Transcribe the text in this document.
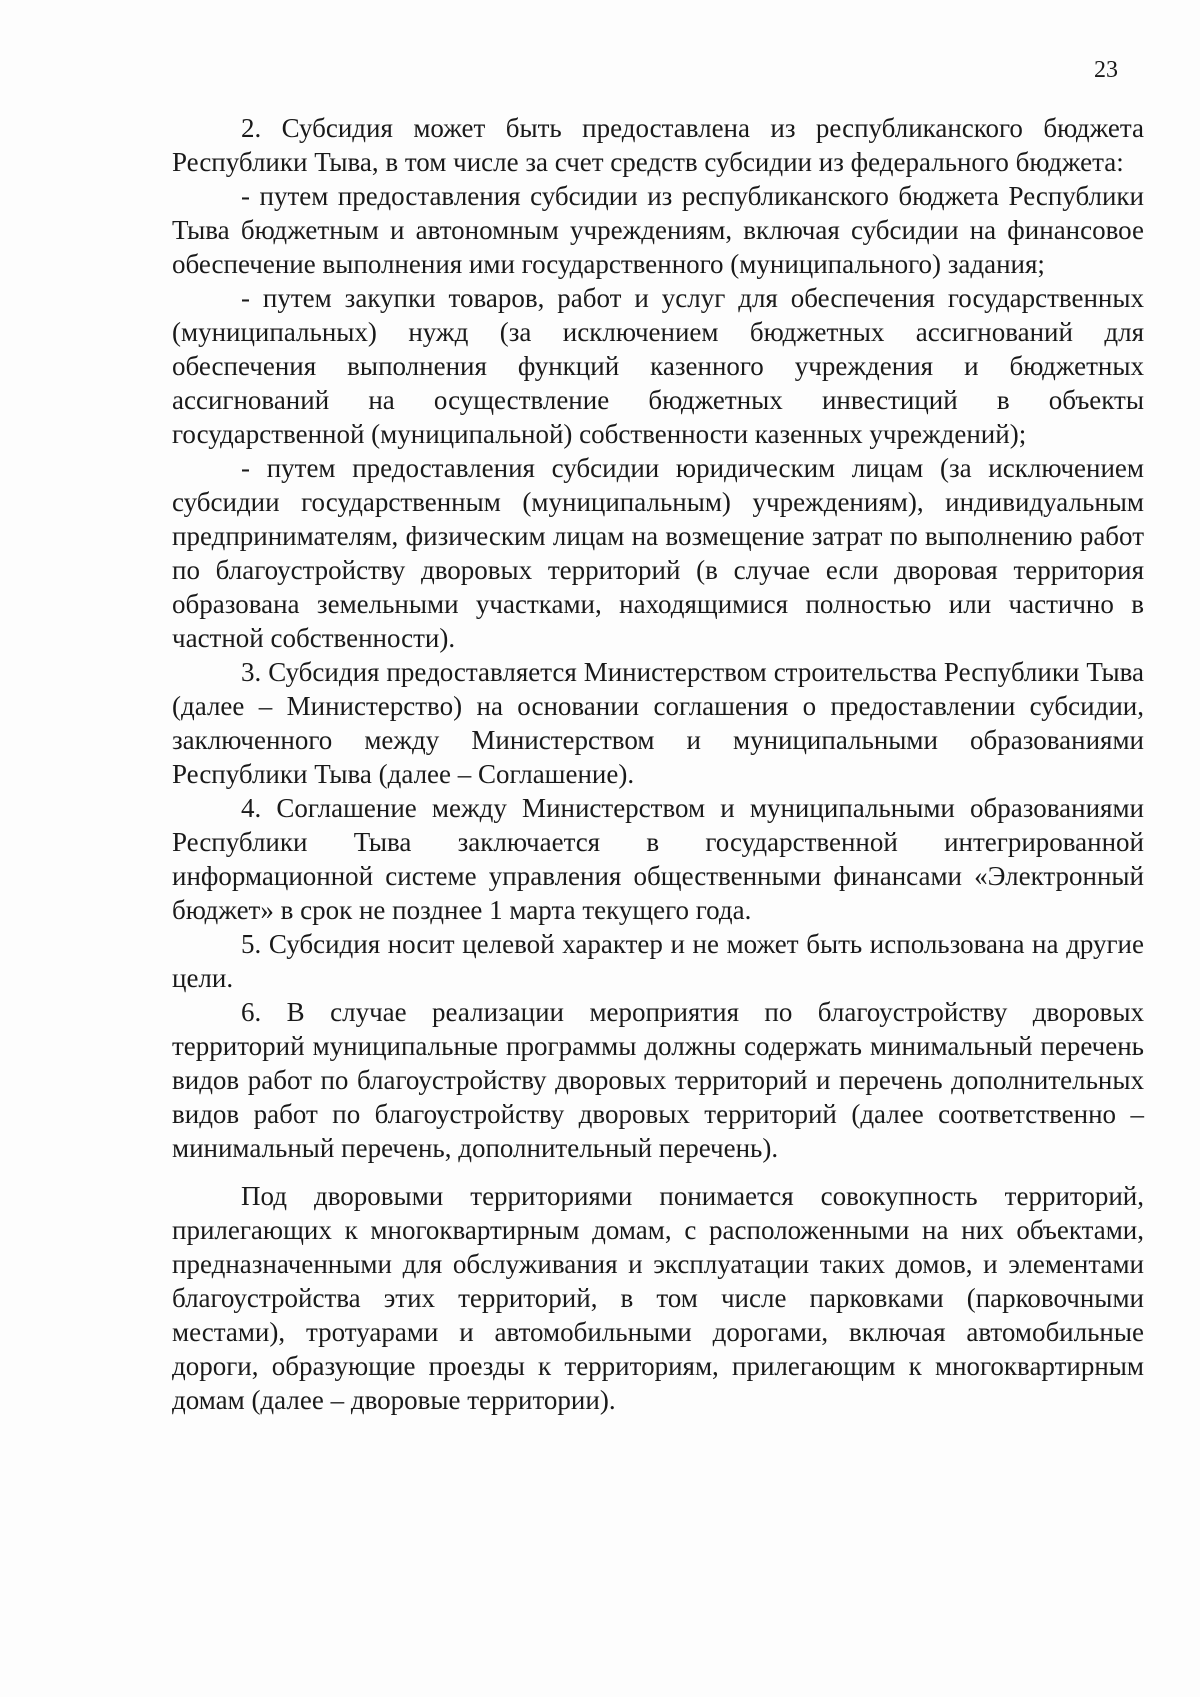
23

2. Субсидия может быть предоставлена из республиканского бюджета Республики Тыва, в том числе за счет средств субсидии из федерального бюджета:

- путем предоставления субсидии из республиканского бюджета Республики Тыва бюджетным и автономным учреждениям, включая субсидии на финансовое обеспечение выполнения ими государственного (муниципального) задания;

- путем закупки товаров, работ и услуг для обеспечения государственных (муниципальных) нужд (за исключением бюджетных ассигнований для обеспечения выполнения функций казенного учреждения и бюджетных ассигнований на осуществление бюджетных инвестиций в объекты государственной (муниципальной) собственности казенных учреждений);

- путем предоставления субсидии юридическим лицам (за исключением субсидии государственным (муниципальным) учреждениям), индивидуальным предпринимателям, физическим лицам на возмещение затрат по выполнению работ по благоустройству дворовых территорий (в случае если дворовая территория образована земельными участками, находящимися полностью или частично в частной собственности).

3. Субсидия предоставляется Министерством строительства Республики Тыва (далее – Министерство) на основании соглашения о предоставлении субсидии, заключенного между Министерством и муниципальными образованиями Республики Тыва (далее – Соглашение).

4. Соглашение между Министерством и муниципальными образованиями Республики Тыва заключается в государственной интегрированной информационной системе управления общественными финансами «Электронный бюджет» в срок не позднее 1 марта текущего года.

5. Субсидия носит целевой характер и не может быть использована на другие цели.

6. В случае реализации мероприятия по благоустройству дворовых территорий муниципальные программы должны содержать минимальный перечень видов работ по благоустройству дворовых территорий и перечень дополнительных видов работ по благоустройству дворовых территорий (далее соответственно – минимальный перечень, дополнительный перечень).

Под дворовыми территориями понимается совокупность территорий, прилегающих к многоквартирным домам, с расположенными на них объектами, предназначенными для обслуживания и эксплуатации таких домов, и элементами благоустройства этих территорий, в том числе парковками (парковочными местами), тротуарами и автомобильными дорогами, включая автомобильные дороги, образующие проезды к территориям, прилегающим к многоквартирным домам (далее – дворовые территории).
